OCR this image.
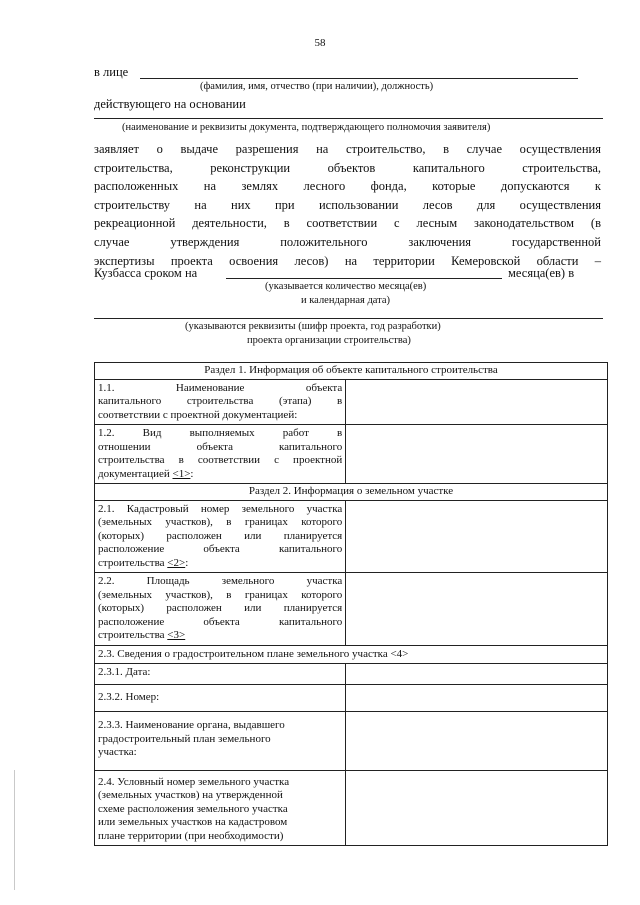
58
в лице
(фамилия, имя, отчество (при наличии), должность)
действующего на основании
(наименование и реквизиты документа, подтверждающего полномочия заявителя)
заявляет о выдаче разрешения на строительство, в случае осуществления
строительства, реконструкции объектов капитального строительства,
расположенных на землях лесного фонда, которые допускаются к
строительству на них при использовании лесов для осуществления
рекреационной деятельности, в соответствии с лесным законодательством (в
случае утверждения положительного заключения государственной
экспертизы проекта освоения лесов) на территории Кемеровской области –
Кузбасса сроком на	месяца(ев) в
(указывается количество месяца(ев)
и календарная дата)
(указываются реквизиты (шифр проекта, год разработки)
проекта организации строительства)
Раздел 1. Информация об объекте капитального строительства	

1.1. Наименование объекта
капитального строительства (этапа) в
соответствии с проектной документацией:	

1.2. Вид выполняемых работ в
отношении объекта капитального
строительства в соответствии с проектной
документацией <1>:	

Раздел 2. Информация о земельном участке	

2.1. Кадастровый номер земельного участка
(земельных участков), в границах которого
(которых) расположен или планируется
расположение объекта капитального
строительства <2>:	

2.2. Площадь земельного участка
(земельных участков), в границах которого
(которых) расположен или планируется
расположение объекта капитального
строительства <3>	

2.3. Сведения о градостроительном плане земельного участка <4>	
2.3.1. Дата:	
2.3.2. Номер:	

2.3.3. Наименование органа, выдавшего
градостроительный план земельного
участка:	

2.4. Условный номер земельного участка
(земельных участков) на утвержденной
схеме расположения земельного участка
или земельных участков на кадастровом
плане территории (при необходимости)	
